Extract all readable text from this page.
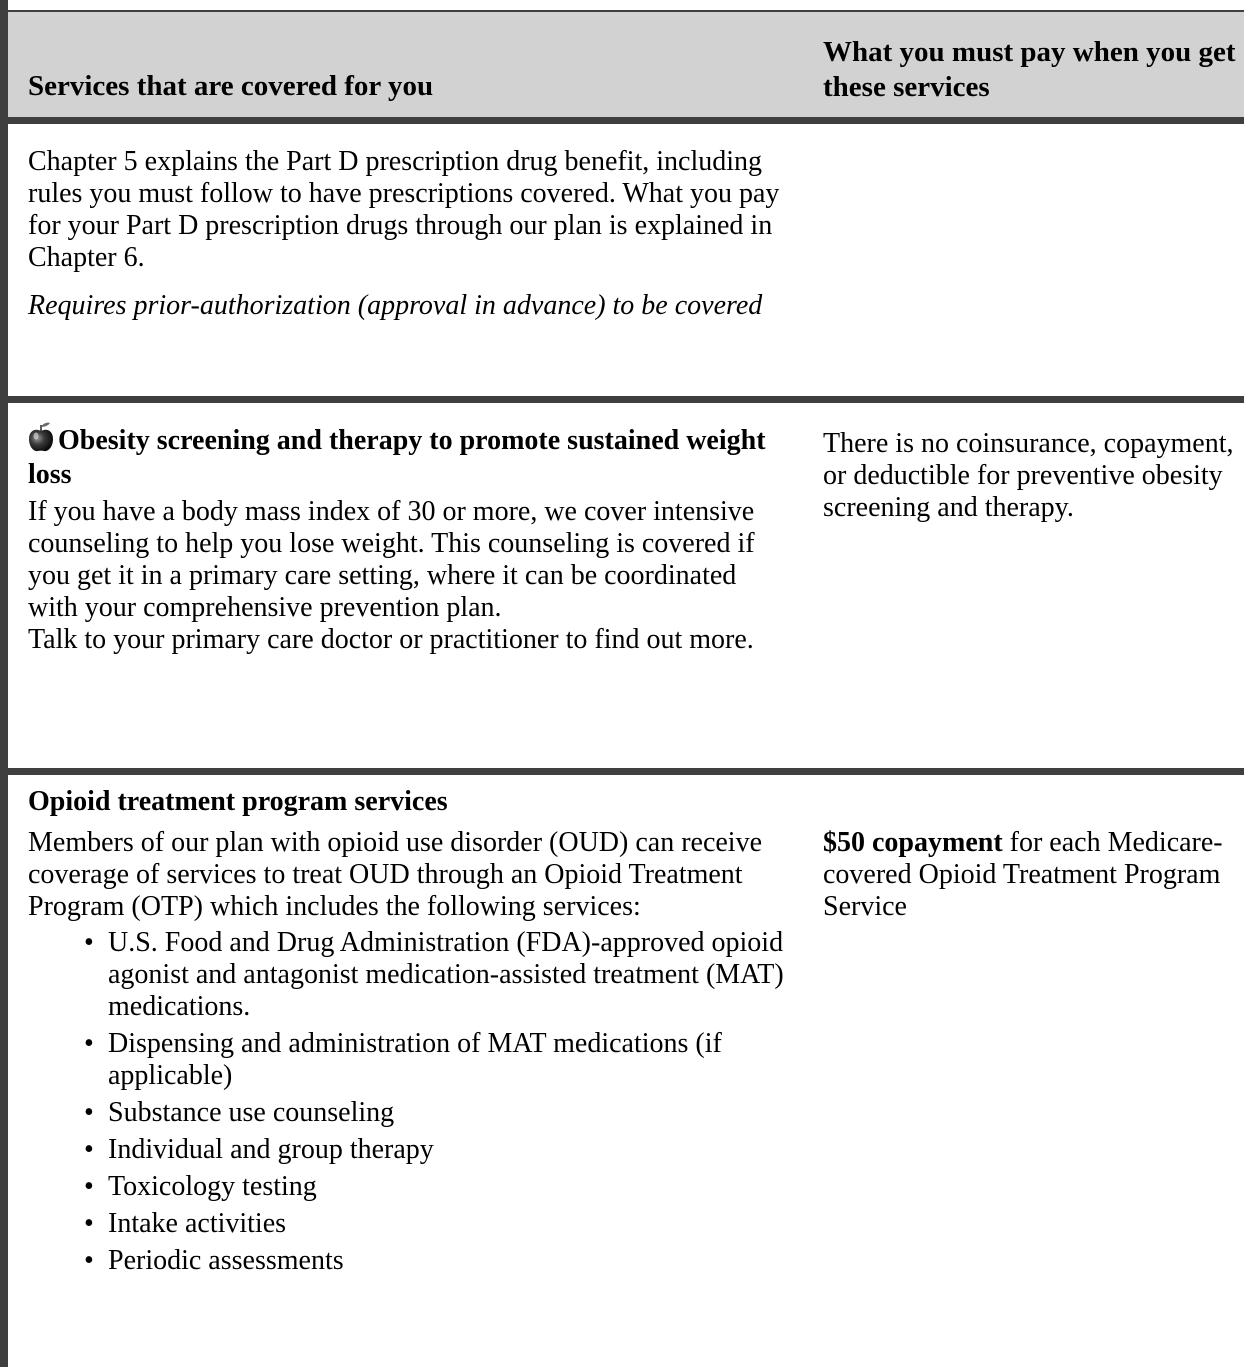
Services that are covered for you
What you must pay when you get these services

Chapter 5 explains the Part D prescription drug benefit, including rules you must follow to have prescriptions covered. What you pay for your Part D prescription drugs through our plan is explained in Chapter 6.

Requires prior-authorization (approval in advance) to be covered

Obesity screening and therapy to promote sustained weight loss

If you have a body mass index of 30 or more, we cover intensive counseling to help you lose weight. This counseling is covered if you get it in a primary care setting, where it can be coordinated with your comprehensive prevention plan.

Talk to your primary care doctor or practitioner to find out more.

There is no coinsurance, copayment, or deductible for preventive obesity screening and therapy.

Opioid treatment program services

Members of our plan with opioid use disorder (OUD) can receive coverage of services to treat OUD through an Opioid Treatment Program (OTP) which includes the following services:

• U.S. Food and Drug Administration (FDA)-approved opioid agonist and antagonist medication-assisted treatment (MAT) medications.
• Dispensing and administration of MAT medications (if applicable)
• Substance use counseling
• Individual and group therapy
• Toxicology testing
• Intake activities
• Periodic assessments

$50 copayment for each Medicare-covered Opioid Treatment Program Service
